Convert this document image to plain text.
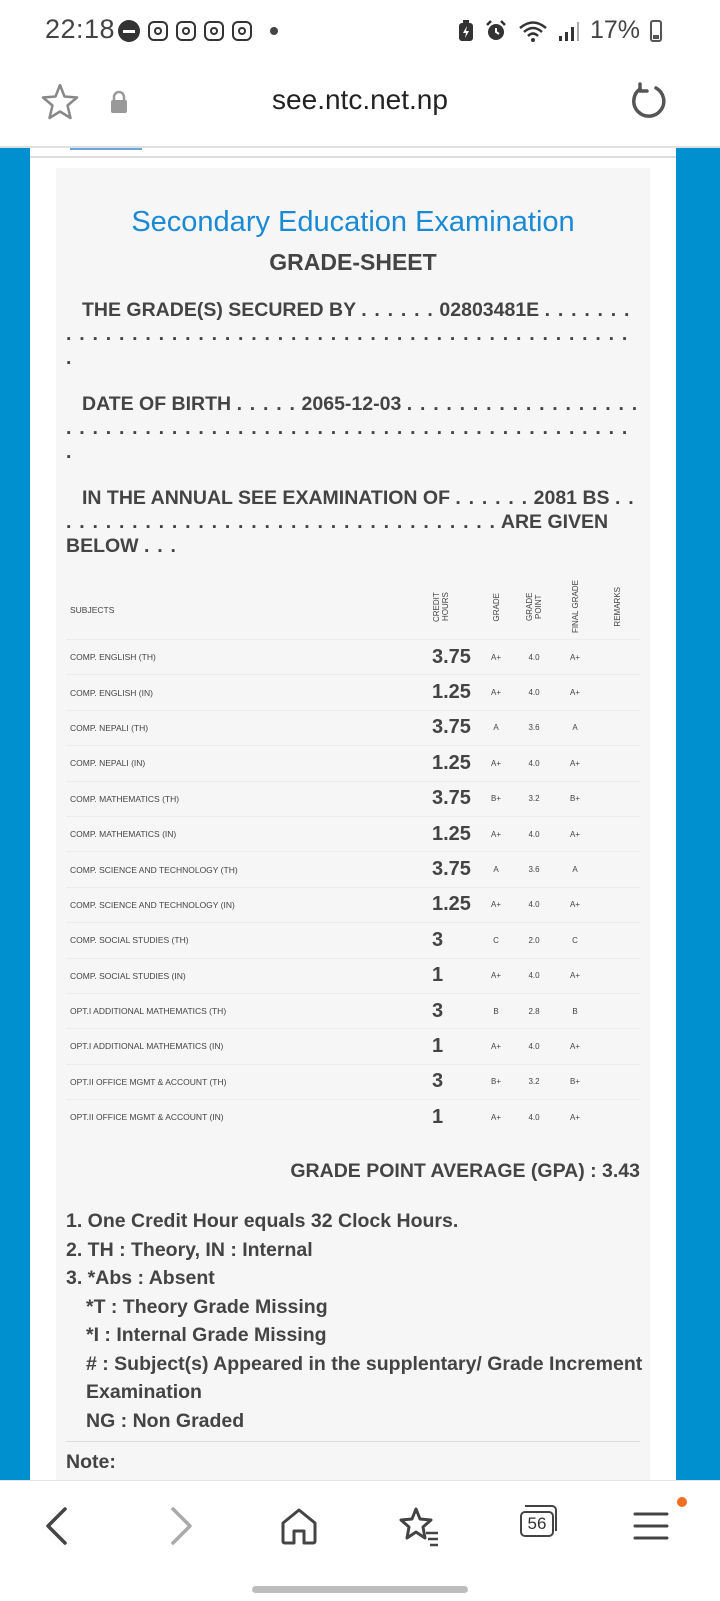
22:18	17%
see.ntc.net.np
Secondary Education Examination
GRADE-SHEET
THE GRADE(S) SECURED BY . . . . . . 02803481E . . . . . . . . . . . . . . . . . . . . . . . . . . . . . . . . . . . . . . . . . . . . . . . . . . .
DATE OF BIRTH . . . . . 2065-12-03 . . . . . . . . . . . . . . . . . . . . . . . . . . . . . . . . . . . . . . . . . . . . . . . . . . . . . . . . . . . . . .
IN THE ANNUAL SEE EXAMINATION OF . . . . . . 2081 BS . . . . . . . . . . . . . . . . . . . . . . . . . . . . . . . . . . . ARE GIVEN BELOW . . .
SUBJECTS	CREDIT HOURS	GRADE	GRADE POINT	FINAL GRADE	REMARKS
COMP. ENGLISH (TH)	3.75	A+	4.0	A+	
COMP. ENGLISH (IN)	1.25	A+	4.0	A+	
COMP. NEPALI (TH)	3.75	A	3.6	A	
COMP. NEPALI (IN)	1.25	A+	4.0	A+	
COMP. MATHEMATICS (TH)	3.75	B+	3.2	B+	
COMP. MATHEMATICS (IN)	1.25	A+	4.0	A+	
COMP. SCIENCE AND TECHNOLOGY (TH)	3.75	A	3.6	A	
COMP. SCIENCE AND TECHNOLOGY (IN)	1.25	A+	4.0	A+	
COMP. SOCIAL STUDIES (TH)	3	C	2.0	C	
COMP. SOCIAL STUDIES (IN)	1	A+	4.0	A+	
OPT.I ADDITIONAL MATHEMATICS (TH)	3	B	2.8	B	
OPT.I ADDITIONAL MATHEMATICS (IN)	1	A+	4.0	A+	
OPT.II OFFICE MGMT & ACCOUNT (TH)	3	B+	3.2	B+	
OPT.II OFFICE MGMT & ACCOUNT (IN)	1	A+	4.0	A+	
GRADE POINT AVERAGE (GPA) : 3.43
1. One Credit Hour equals 32 Clock Hours.
2. TH : Theory, IN : Internal
3. *Abs : Absent
*T : Theory Grade Missing
*I : Internal Grade Missing
# : Subject(s) Appeared in the supplentary/ Grade Increment Examination
NG : Non Graded
Note:
56
